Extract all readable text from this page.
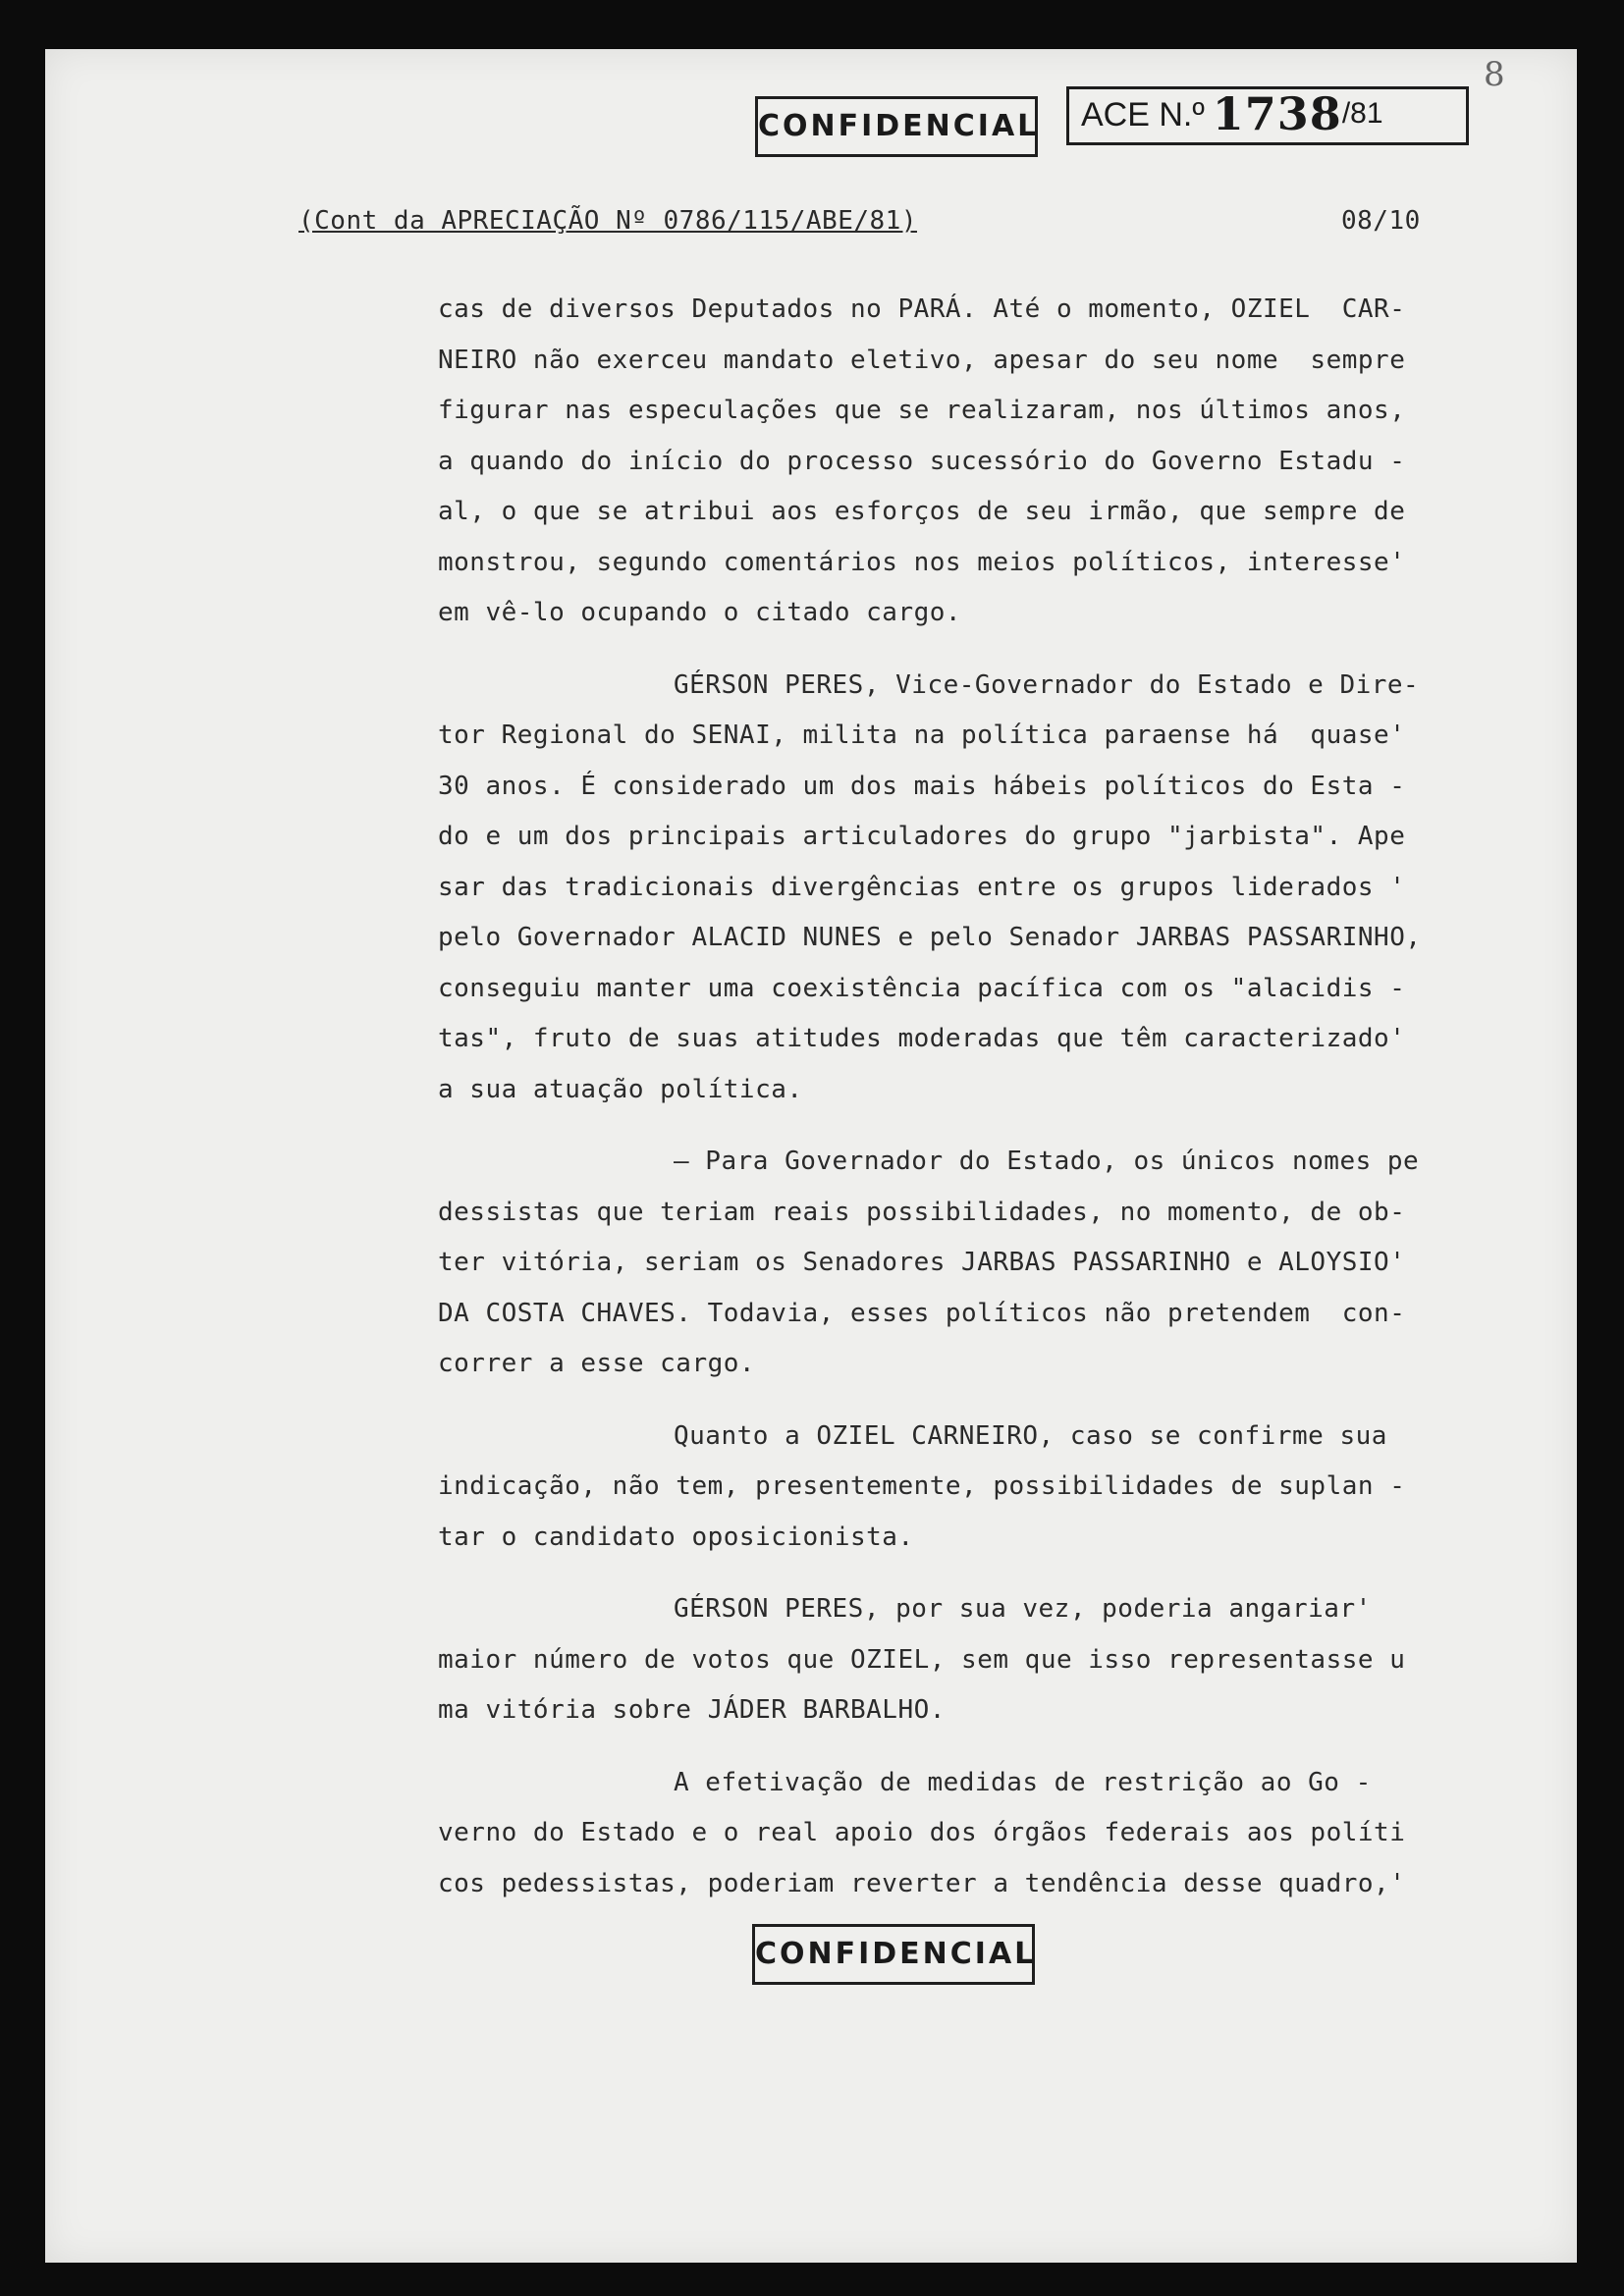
8
CONFIDENCIAL ACE N.º 1738 /81
(Cont da APRECIAÇÃO Nº 0786/115/ABE/81)	08/10
cas de diversos Deputados no PARÁ. Até o momento, OZIEL  CAR-
NEIRO não exerceu mandato eletivo, apesar do seu nome  sempre
figurar nas especulações que se realizaram, nos últimos anos,
a quando do início do processo sucessório do Governo Estadu -
al, o que se atribui aos esforços de seu irmão, que sempre de
monstrou, segundo comentários nos meios políticos, interesse'
em vê-lo ocupando o citado cargo.
GÉRSON PERES, Vice-Governador do Estado e Dire-
tor Regional do SENAI, milita na política paraense há  quase'
30 anos. É considerado um dos mais hábeis políticos do Esta -
do e um dos principais articuladores do grupo "jarbista". Ape
sar das tradicionais divergências entre os grupos liderados '
pelo Governador ALACID NUNES e pelo Senador JARBAS PASSARINHO,
conseguiu manter uma coexistência pacífica com os "alacidis -
tas", fruto de suas atitudes moderadas que têm caracterizado'
a sua atuação política.
— Para Governador do Estado, os únicos nomes pe
dessistas que teriam reais possibilidades, no momento, de ob-
ter vitória, seriam os Senadores JARBAS PASSARINHO e ALOYSIO'
DA COSTA CHAVES. Todavia, esses políticos não pretendem  con-
correr a esse cargo.
Quanto a OZIEL CARNEIRO, caso se confirme sua
indicação, não tem, presentemente, possibilidades de suplan -
tar o candidato oposicionista.
GÉRSON PERES, por sua vez, poderia angariar'
maior número de votos que OZIEL, sem que isso representasse u
ma vitória sobre JÁDER BARBALHO.
A efetivação de medidas de restrição ao Go -
verno do Estado e o real apoio dos órgãos federais aos políti
cos pedessistas, poderiam reverter a tendência desse quadro,'
CONFIDENCIAL
